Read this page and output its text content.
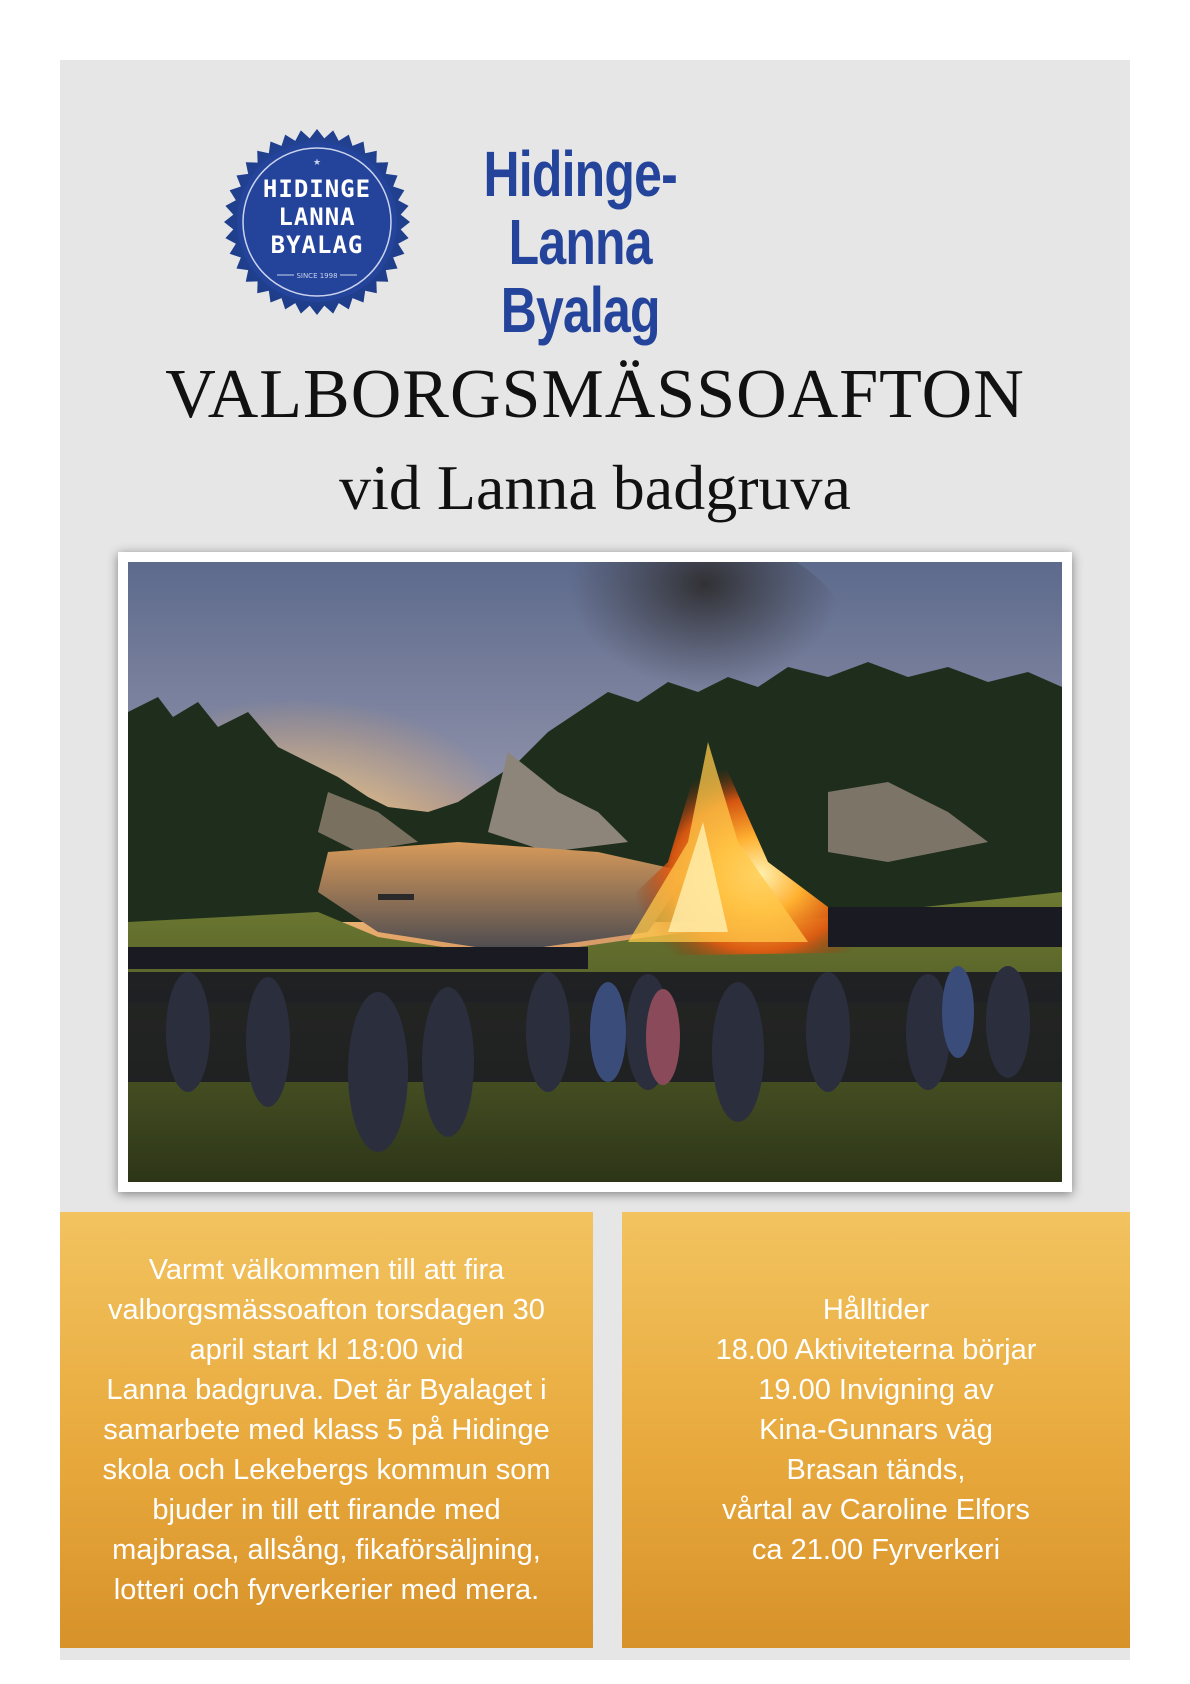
★
HIDINGE
LANNA
BYALAG
SINCE 1998
Hidinge-Lanna
Byalag
VALBORGSMÄSSOAFTON
vid Lanna badgruva
Varmt välkommen till att fira
valborgsmässoafton torsdagen 30
april start kl 18:00 vid
Lanna badgruva. Det är Byalaget i
samarbete med klass 5 på Hidinge
skola och Lekebergs kommun som
bjuder in till ett firande med
majbrasa, allsång, fikaförsäljning,
lotteri och fyrverkerier med mera.
Hålltider
18.00 Aktiviteterna börjar
19.00 Invigning av
Kina-Gunnars väg
Brasan tänds,
vårtal av Caroline Elfors
ca 21.00 Fyrverkeri
